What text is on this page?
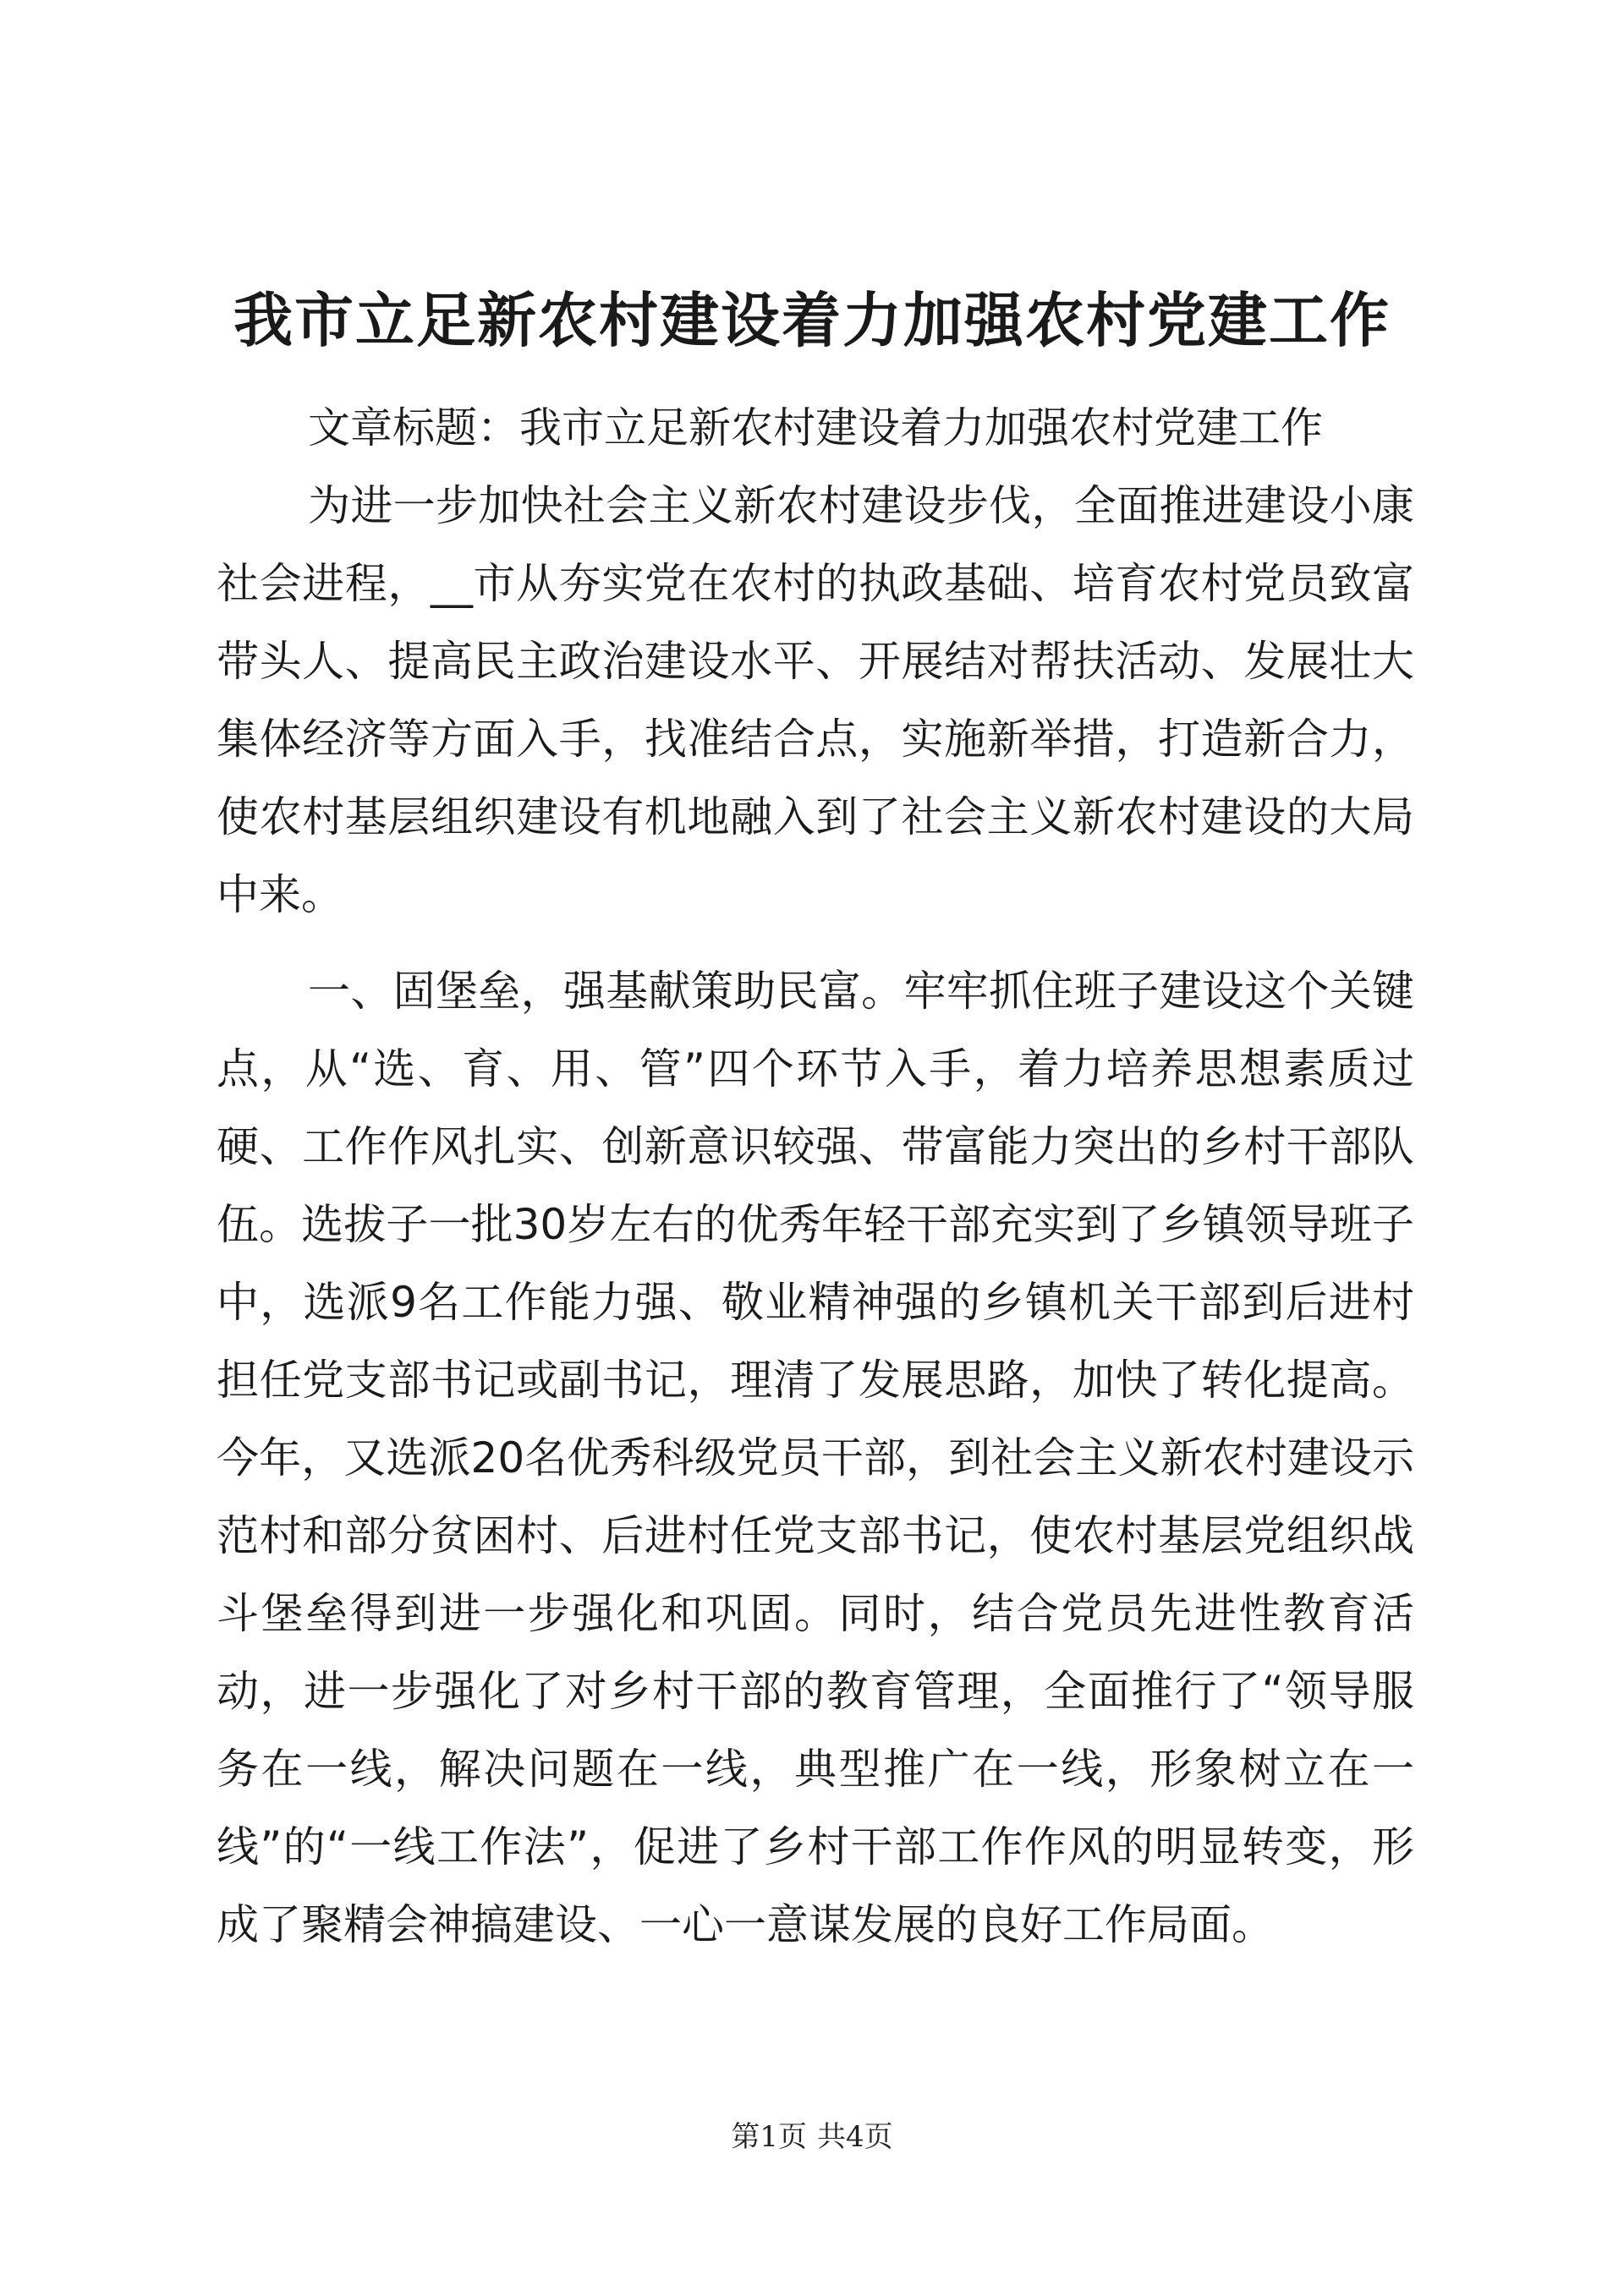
我市立足新农村建设着力加强农村党建工作
文章标题：我市立足新农村建设着力加强农村党建工作

为进一步加快社会主义新农村建设步伐，全面推进建设小康社会进程，__市从夯实党在农村的执政基础、培育农村党员致富带头人、提高民主政治建设水平、开展结对帮扶活动、发展壮大集体经济等方面入手，找准结合点，实施新举措，打造新合力，使农村基层组织建设有机地融入到了社会主义新农村建设的大局中来。

一、固堡垒，强基献策助民富。牢牢抓住班子建设这个关键点，从“选、育、用、管”四个环节入手，着力培养思想素质过硬、工作作风扎实、创新意识较强、带富能力突出的乡村干部队伍。选拔子一批30岁左右的优秀年轻干部充实到了乡镇领导班子中，选派9名工作能力强、敬业精神强的乡镇机关干部到后进村担任党支部书记或副书记，理清了发展思路，加快了转化提高。今年，又选派20名优秀科级党员干部，到社会主义新农村建设示范村和部分贫困村、后进村任党支部书记，使农村基层党组织战斗堡垒得到进一步强化和巩固。同时，结合党员先进性教育活动，进一步强化了对乡村干部的教育管理，全面推行了“领导服务在一线，解决问题在一线，典型推广在一线，形象树立在一线”的“一线工作法”，促进了乡村干部工作作风的明显转变，形成了聚精会神搞建设、一心一意谋发展的良好工作局面。

第1页 共4页
